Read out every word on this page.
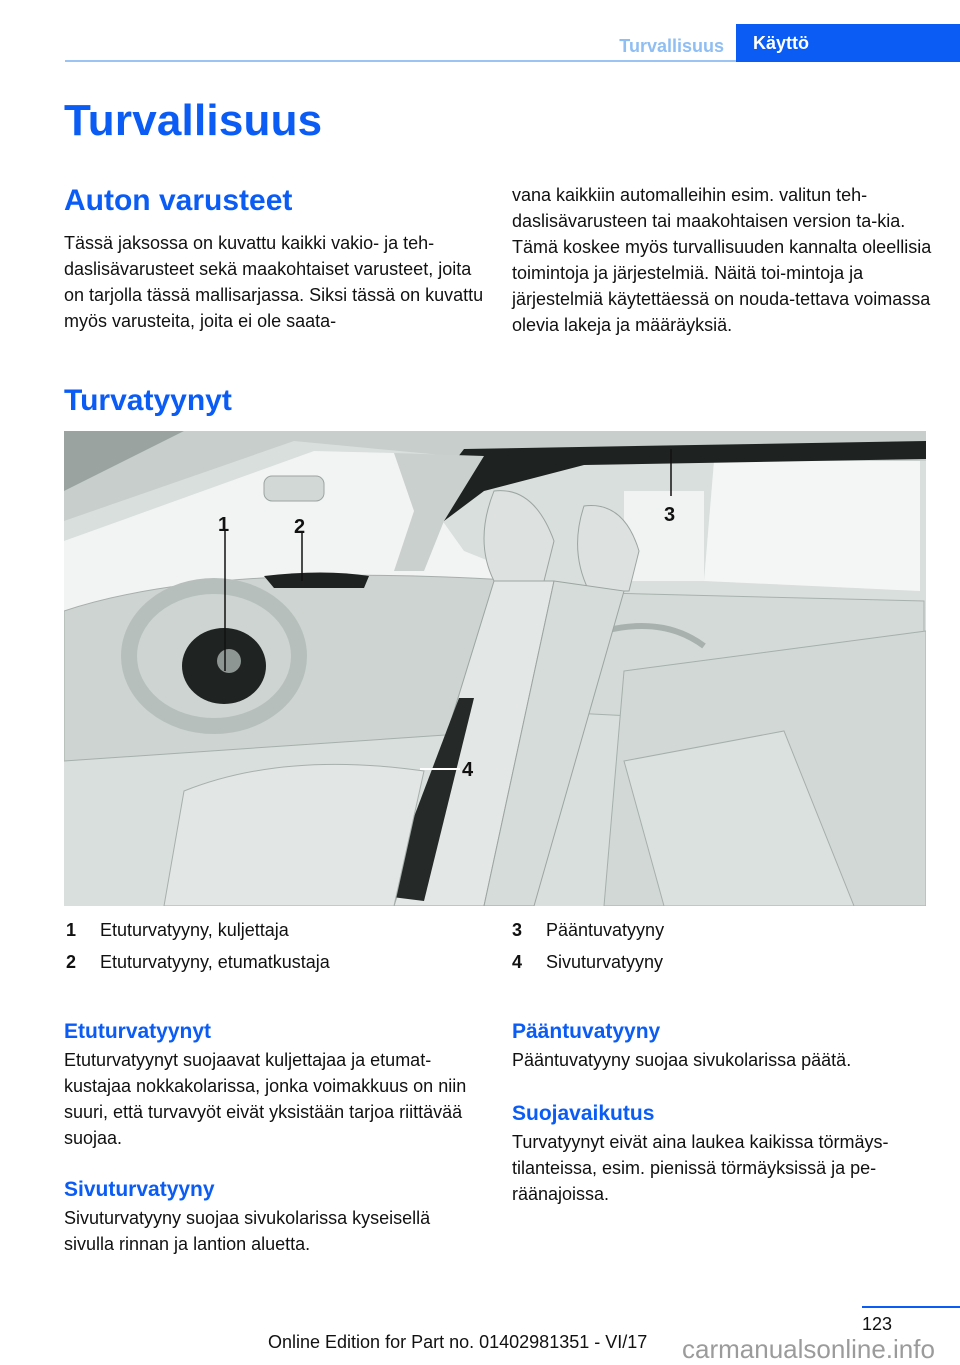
Turvallisuus	Käyttö
Turvallisuus
Auton varusteet

Tässä jaksossa on kuvattu kaikki vakio- ja teh-daslisävarusteet sekä maakohtaiset varusteet, joita on tarjolla tässä mallisarjassa. Siksi tässä on kuvattu myös varusteita, joita ei ole saata-

vana kaikkiin automalleihin esim. valitun teh-daslisävarusteen tai maakohtaisen version ta-kia. Tämä koskee myös turvallisuuden kannalta oleellisia toimintoja ja järjestelmiä. Näitä toi-mintoja ja järjestelmiä käytettäessä on nouda-tettava voimassa olevia lakeja ja määräyksiä.

Turvatyynyt
1	2
3
4
1	Etuturvatyyny, kuljettaja
2	Etuturvatyyny, etumatkustaja
3	Pääntuvatyyny
4	Sivuturvatyyny
Etuturvatyynyt

Etuturvatyynyt suojaavat kuljettajaa ja etumat-kustajaa nokkakolarissa, jonka voimakkuus on niin suuri, että turvavyöt eivät yksistään tarjoa riittävää suojaa.

Sivuturvatyyny

Sivuturvatyyny suojaa sivukolarissa kyseisellä sivulla rinnan ja lantion aluetta.

Pääntuvatyyny

Pääntuvatyyny suojaa sivukolarissa päätä.

Suojavaikutus

Turvatyynyt eivät aina laukea kaikissa törmäys-tilanteissa, esim. pienissä törmäyksissä ja pe-räänajoissa.

123
Online Edition for Part no. 01402981351 - VI/17 carmanualsonline.info
